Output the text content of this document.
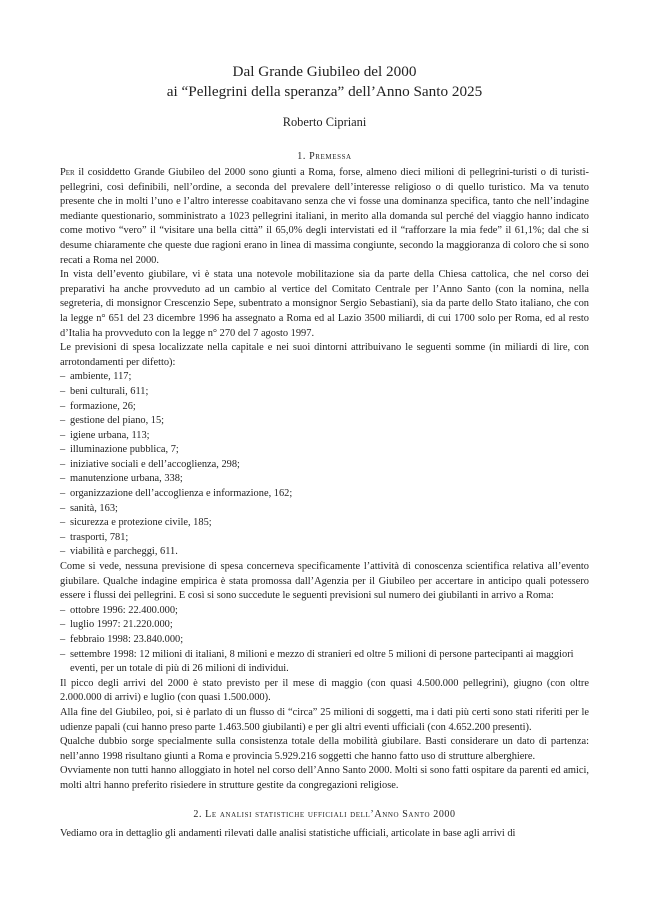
Dal Grande Giubileo del 2000
ai “Pellegrini della speranza” dell’Anno Santo 2025
Roberto Cipriani
1. Premessa

Per il cosiddetto Grande Giubileo del 2000 sono giunti a Roma, forse, almeno dieci milioni di pellegrini-turisti o di turisti-pellegrini, così definibili, nell’ordine, a seconda del prevalere dell’interesse religioso o di quello turistico. Ma va tenuto presente che in molti l’uno e l’altro interesse coabitavano senza che vi fosse una dominanza specifica, tanto che nell’indagine mediante questionario, somministrato a 1023 pellegrini italiani, in merito alla domanda sul perché del viaggio hanno indicato come motivo “vero” il “visitare una bella città” il 65,0% degli intervistati ed il “rafforzare la mia fede” il 61,1%; dal che si desume chiaramente che queste due ragioni erano in linea di massima congiunte, secondo la maggioranza di coloro che si sono recati a Roma nel 2000.

In vista dell’evento giubilare, vi è stata una notevole mobilitazione sia da parte della Chiesa cattolica, che nel corso dei preparativi ha anche provveduto ad un cambio al vertice del Comitato Centrale per l’Anno Santo (con la nomina, nella segreteria, di monsignor Crescenzio Sepe, subentrato a monsignor Sergio Sebastiani), sia da parte dello Stato italiano, che con la legge n° 651 del 23 dicembre 1996 ha assegnato a Roma ed al Lazio 3500 miliardi, di cui 1700 solo per Roma, ed al resto d’Italia ha provveduto con la legge n° 270 del 7 agosto 1997.

Le previsioni di spesa localizzate nella capitale e nei suoi dintorni attribuivano le seguenti somme (in miliardi di lire, con arrotondamenti per difetto):

– ambiente, 117;
– beni culturali, 611;
– formazione, 26;
– gestione del piano, 15;
– igiene urbana, 113;
– illuminazione pubblica, 7;
– iniziative sociali e dell’accoglienza, 298;
– manutenzione urbana, 338;
– organizzazione dell’accoglienza e informazione, 162;
– sanità, 163;
– sicurezza e protezione civile, 185;
– trasporti, 781;
– viabilità e parcheggi, 611.

Come si vede, nessuna previsione di spesa concerneva specificamente l’attività di conoscenza scientifica relativa all’evento giubilare. Qualche indagine empirica è stata promossa dall’Agenzia per il Giubileo per accertare in anticipo quali potessero essere i flussi dei pellegrini. E così si sono succedute le seguenti previsioni sul numero dei giubilanti in arrivo a Roma:

– ottobre 1996: 22.400.000;
– luglio 1997: 21.220.000;
– febbraio 1998: 23.840.000;
– settembre 1998: 12 milioni di italiani, 8 milioni e mezzo di stranieri ed oltre 5 milioni di persone partecipanti ai maggiori eventi, per un totale di più di 26 milioni di individui.

Il picco degli arrivi del 2000 è stato previsto per il mese di maggio (con quasi 4.500.000 pellegrini), giugno (con oltre 2.000.000 di arrivi) e luglio (con quasi 1.500.000).

Alla fine del Giubileo, poi, si è parlato di un flusso di “circa” 25 milioni di soggetti, ma i dati più certi sono stati riferiti per le udienze papali (cui hanno preso parte 1.463.500 giubilanti) e per gli altri eventi ufficiali (con 4.652.200 presenti).

Qualche dubbio sorge specialmente sulla consistenza totale della mobilità giubilare. Basti considerare un dato di partenza: nell’anno 1998 risultano giunti a Roma e provincia 5.929.216 soggetti che hanno fatto uso di strutture alberghiere.

Ovviamente non tutti hanno alloggiato in hotel nel corso dell’Anno Santo 2000. Molti si sono fatti ospitare da parenti ed amici, molti altri hanno preferito risiedere in strutture gestite da congregazioni religiose.

2. Le analisi statistiche ufficiali dell’Anno Santo 2000

Vediamo ora in dettaglio gli andamenti rilevati dalle analisi statistiche ufficiali, articolate in base agli arrivi di
